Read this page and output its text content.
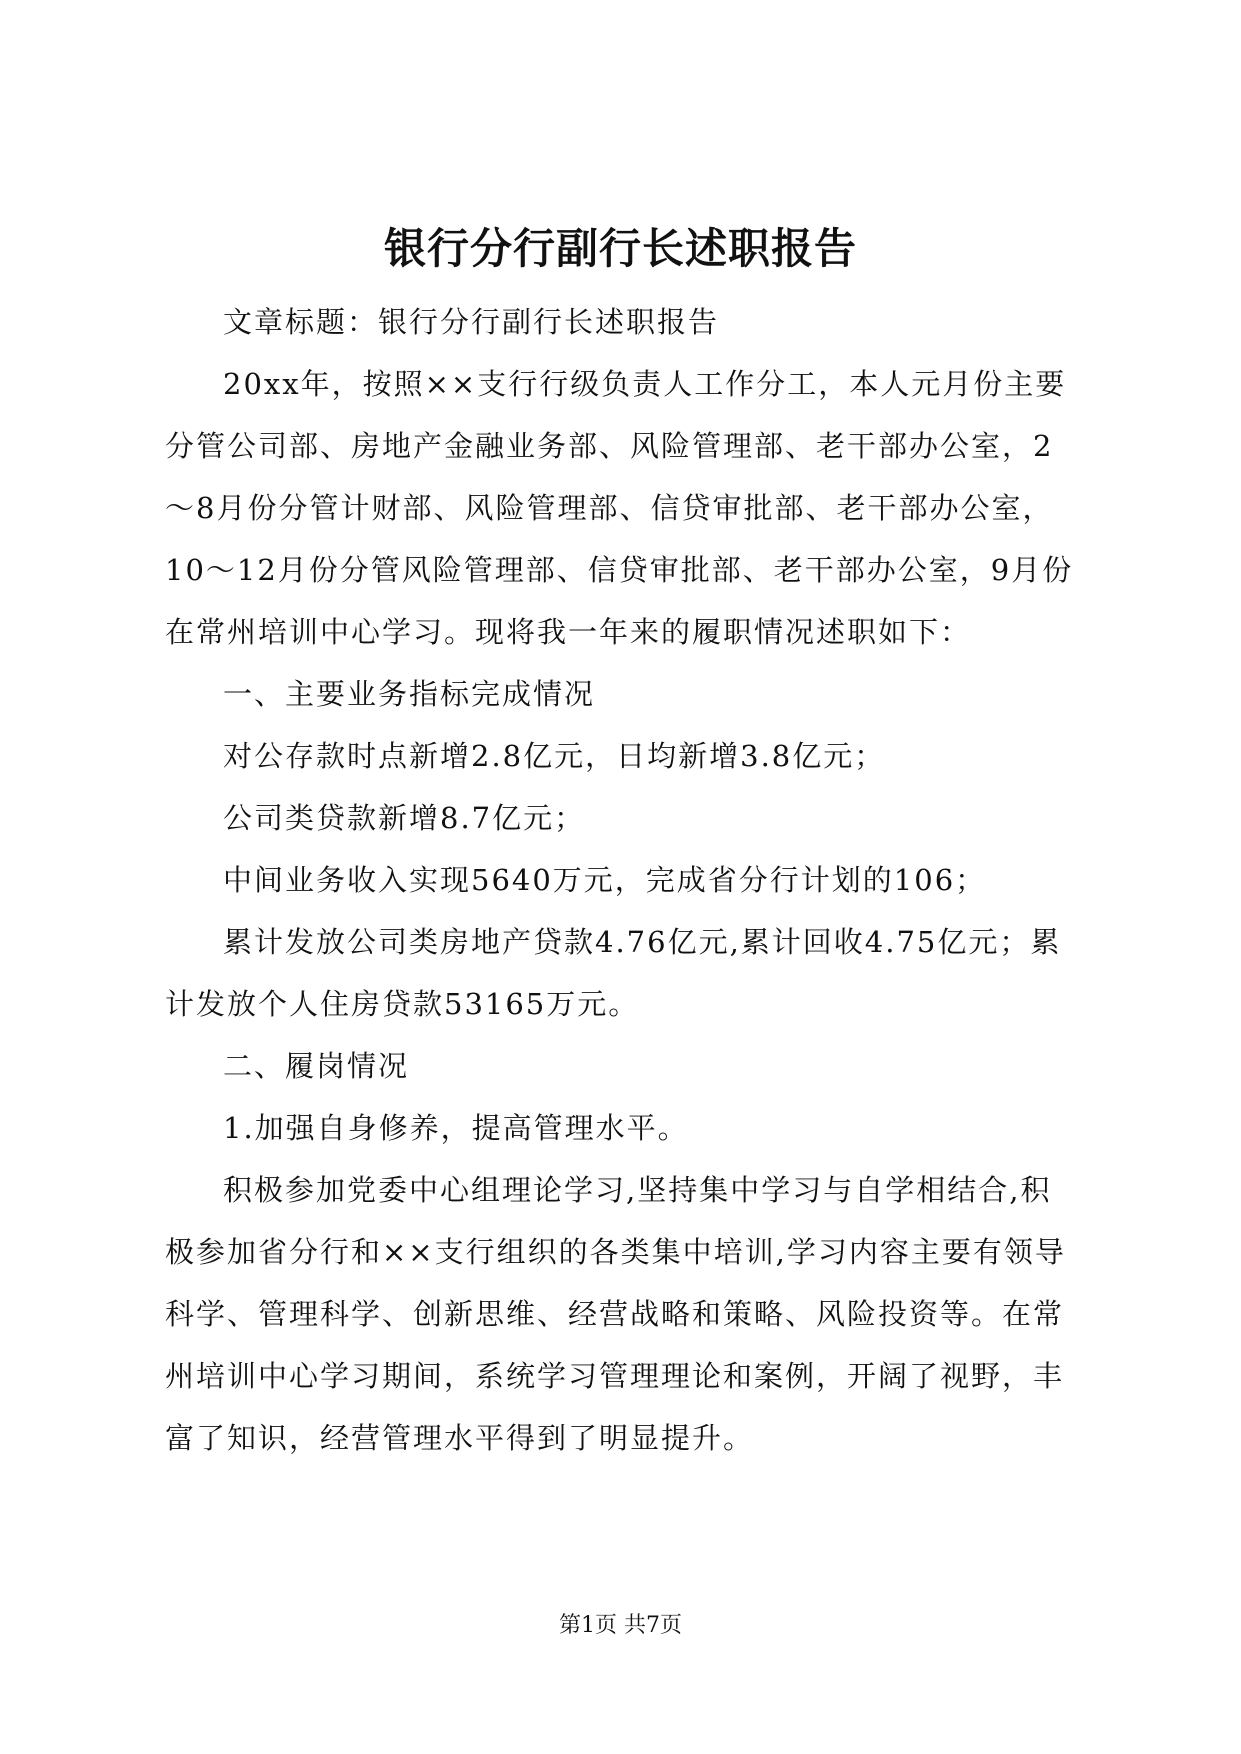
银行分行副行长述职报告

文章标题：银行分行副行长述职报告

20xx年，按照××支行行级负责人工作分工，本人元月份主要分管公司部、房地产金融业务部、风险管理部、老干部办公室，2～8月份分管计财部、风险管理部、信贷审批部、老干部办公室，10～12月份分管风险管理部、信贷审批部、老干部办公室，9月份在常州培训中心学习。现将我一年来的履职情况述职如下：

一、主要业务指标完成情况

对公存款时点新增2.8亿元，日均新增3.8亿元；

公司类贷款新增8.7亿元；

中间业务收入实现5640万元，完成省分行计划的106；

累计发放公司类房地产贷款4.76亿元,累计回收4.75亿元；累计发放个人住房贷款53165万元。

二、履岗情况

1.加强自身修养，提高管理水平。

积极参加党委中心组理论学习,坚持集中学习与自学相结合,积极参加省分行和××支行组织的各类集中培训,学习内容主要有领导科学、管理科学、创新思维、经营战略和策略、风险投资等。在常州培训中心学习期间，系统学习管理理论和案例，开阔了视野，丰富了知识，经营管理水平得到了明显提升。

第1页 共7页
